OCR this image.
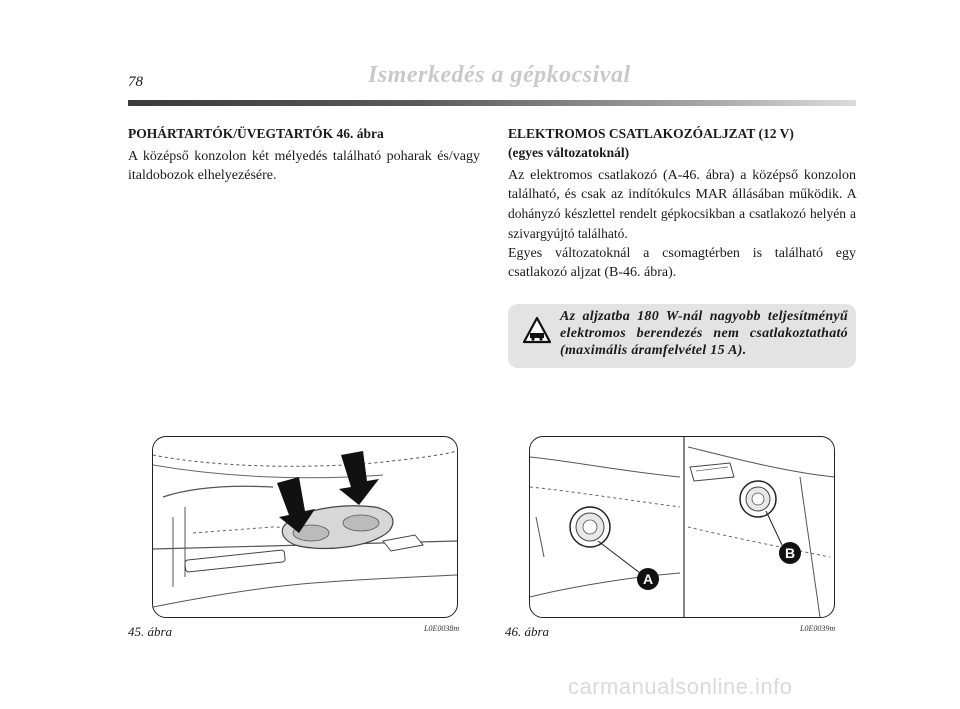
78	Ismerkedés a gépkocsival

POHÁRTARTÓK/ÜVEGTARTÓK 46. ábra

A középső konzolon két mélyedés található poharak és/vagy italdobozok elhelyezésére.

ELEKTROMOS CSATLAKOZÓALJZAT (12 V)
(egyes változatoknál)

Az elektromos csatlakozó (A-46. ábra) a középső konzolon található, és csak az indítókulcs MAR állásában működik. A dohányzó készlettel rendelt gépkocsikban a csatlakozó helyén a szivargyújtó található.

Egyes változatoknál a csomagtérben is található egy csatlakozó aljzat (B-46. ábra).

Az aljzatba 180 W-nál nagyobb teljesítményű elektromos berendezés nem csatlakoztatható (maximális áramfelvétel 15 A).
45. ábra	L0E0038m
A
B
46. ábra	L0E0039m
carmanualsonline.info
